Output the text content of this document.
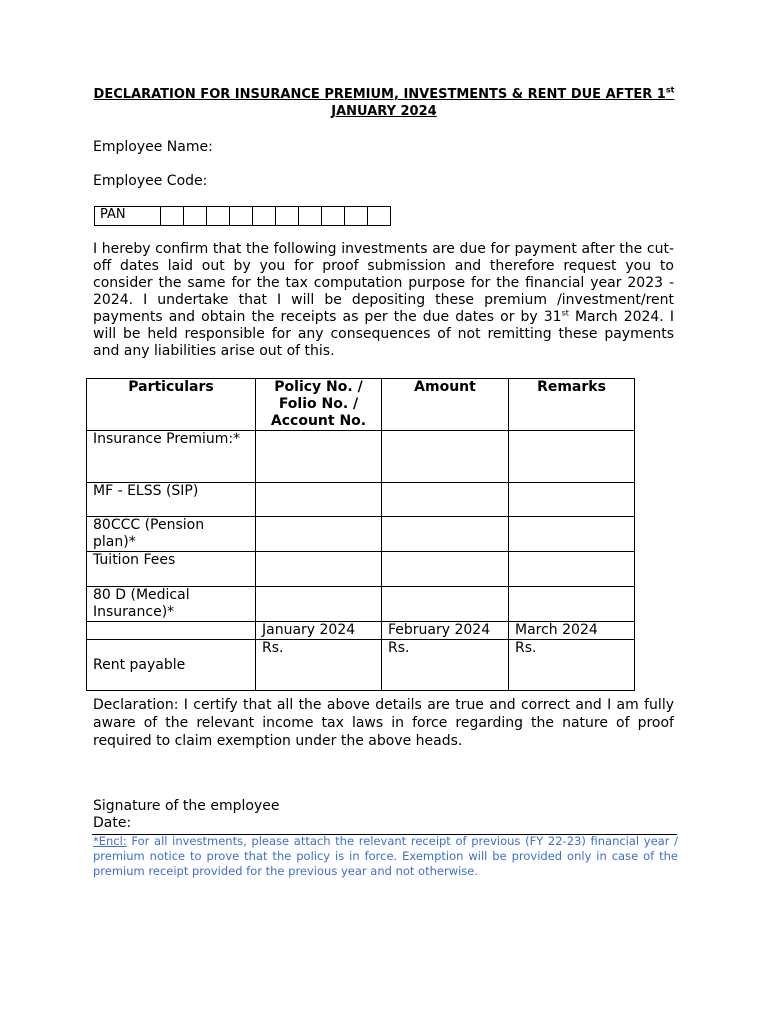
DECLARATION FOR INSURANCE PREMIUM, INVESTMENTS & RENT DUE AFTER 1st
JANUARY 2024
Employee Name:
Employee Code:
PAN										
I hereby confirm that the following investments are due for payment after the cut-off dates laid out by you for proof submission and therefore request you to consider the same for the tax computation purpose for the financial year 2023 - 2024. I undertake that I will be depositing these premium /investment/rent payments and obtain the receipts as per the due dates or by 31st March 2024. I will be held responsible for any consequences of not remitting these payments and any liabilities arise out of this.
Particulars	Policy No. / Folio No. / Account No.	Amount	Remarks
Insurance Premium:*			
MF - ELSS (SIP)			
80CCC (Pension plan)*			
Tuition Fees			
80 D (Medical Insurance)*			
	January 2024	February 2024	March 2024
Rent payable	Rs.	Rs.	Rs.
Declaration: I certify that all the above details are true and correct and I am fully aware of the relevant income tax laws in force regarding the nature of proof required to claim exemption under the above heads.
Signature of the employee
Date:
*Encl: For all investments, please attach the relevant receipt of previous (FY 22-23) financial year / premium notice to prove that the policy is in force. Exemption will be provided only in case of the premium receipt provided for the previous year and not otherwise.
